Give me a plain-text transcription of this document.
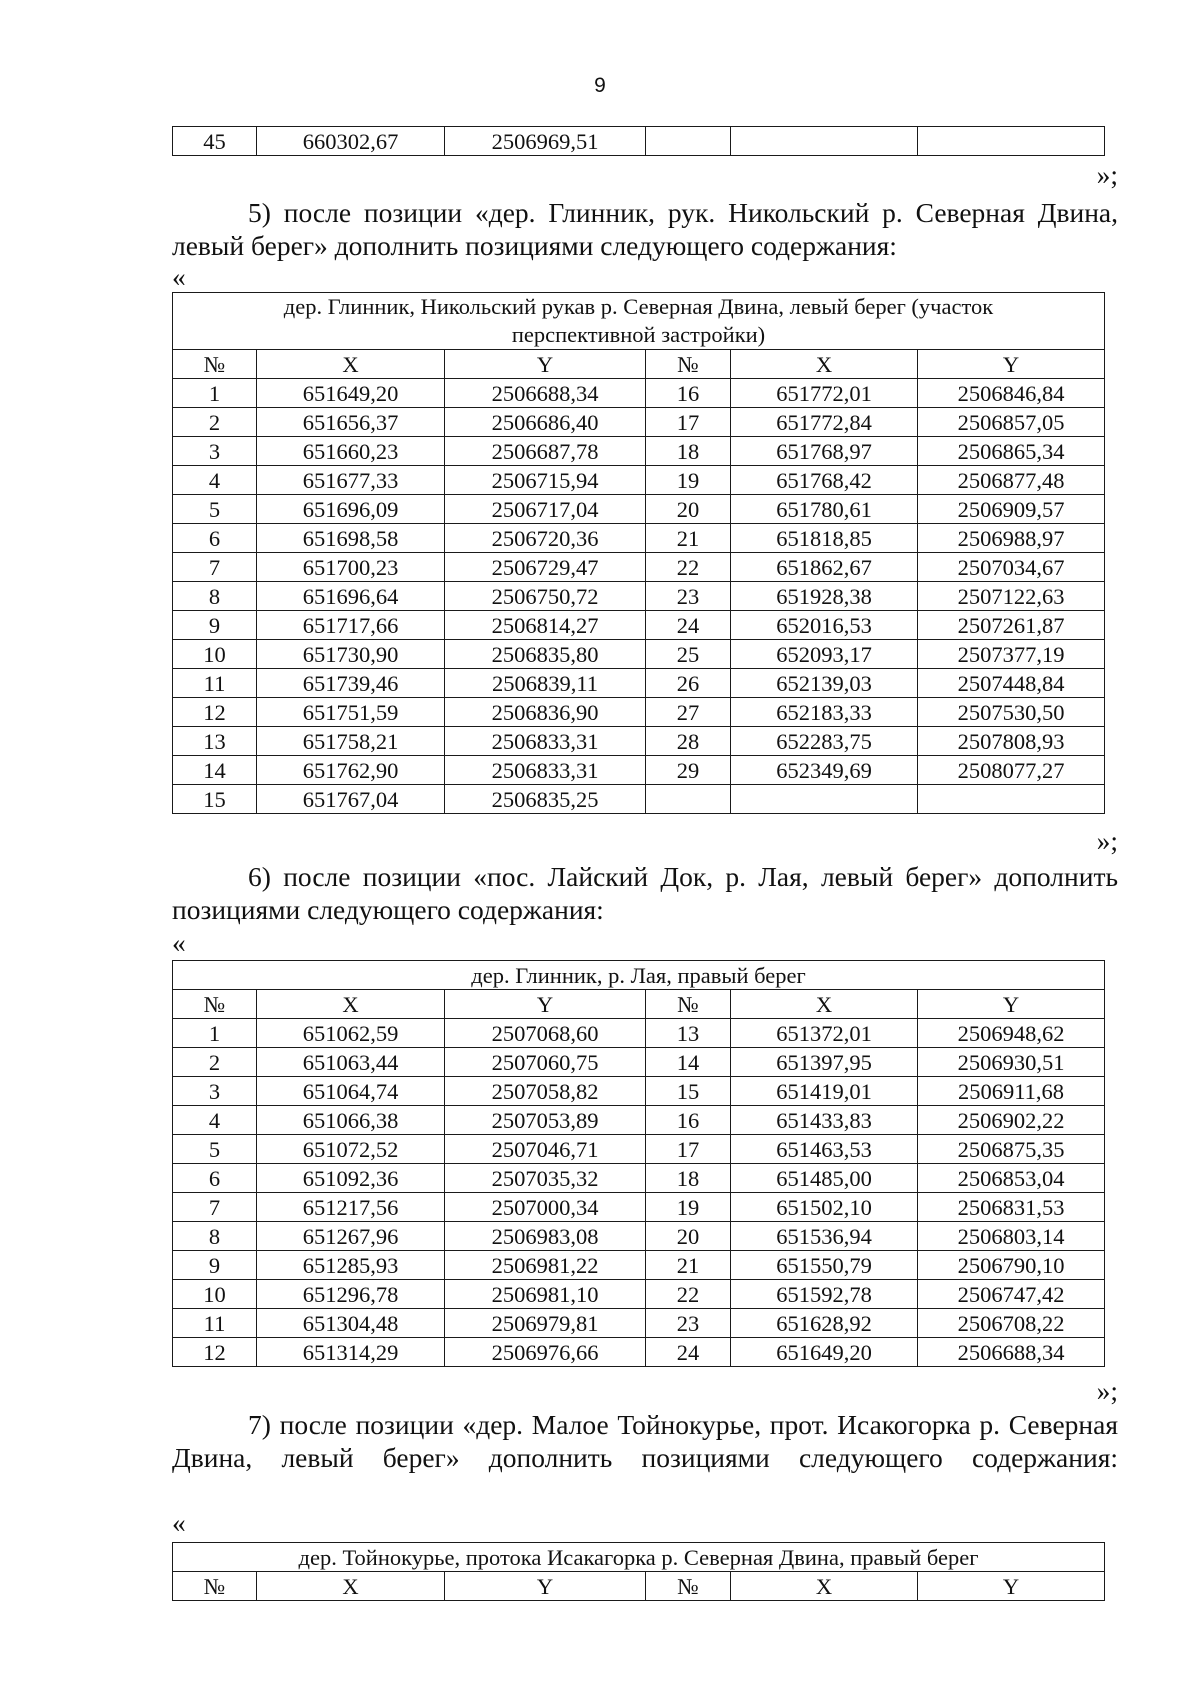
9
45	660302,67	2506969,51			
»;

5) после позиции «дер. Глинник, рук. Никольский р. Северная Двина, левый берег» дополнить позициями следующего содержания:

«
дер. Глинник, Никольский рукав р. Северная Двина, левый берег (участок перспективной застройки)					
№	X	Y	№	X	Y
1	651649,20	2506688,34	16	651772,01	2506846,84
2	651656,37	2506686,40	17	651772,84	2506857,05
3	651660,23	2506687,78	18	651768,97	2506865,34
4	651677,33	2506715,94	19	651768,42	2506877,48
5	651696,09	2506717,04	20	651780,61	2506909,57
6	651698,58	2506720,36	21	651818,85	2506988,97
7	651700,23	2506729,47	22	651862,67	2507034,67
8	651696,64	2506750,72	23	651928,38	2507122,63
9	651717,66	2506814,27	24	652016,53	2507261,87
10	651730,90	2506835,80	25	652093,17	2507377,19
11	651739,46	2506839,11	26	652139,03	2507448,84
12	651751,59	2506836,90	27	652183,33	2507530,50
13	651758,21	2506833,31	28	652283,75	2507808,93
14	651762,90	2506833,31	29	652349,69	2508077,27
15	651767,04	2506835,25			
»;

6) после позиции «пос. Лайский Док, р. Лая, левый берег» дополнить позициями следующего содержания:

«
дер. Глинник, р. Лая, правый берег					
№	X	Y	№	X	Y
1	651062,59	2507068,60	13	651372,01	2506948,62
2	651063,44	2507060,75	14	651397,95	2506930,51
3	651064,74	2507058,82	15	651419,01	2506911,68
4	651066,38	2507053,89	16	651433,83	2506902,22
5	651072,52	2507046,71	17	651463,53	2506875,35
6	651092,36	2507035,32	18	651485,00	2506853,04
7	651217,56	2507000,34	19	651502,10	2506831,53
8	651267,96	2506983,08	20	651536,94	2506803,14
9	651285,93	2506981,22	21	651550,79	2506790,10
10	651296,78	2506981,10	22	651592,78	2506747,42
11	651304,48	2506979,81	23	651628,92	2506708,22
12	651314,29	2506976,66	24	651649,20	2506688,34
»;

7) после позиции «дер. Малое Тойнокурье, прот. Исакогорка р. Северная Двина, левый берег» дополнить позициями следующего содержания:

«
дер. Тойнокурье, протока Исакагорка р. Северная Двина, правый берег
№	X	Y	№	X	Y
